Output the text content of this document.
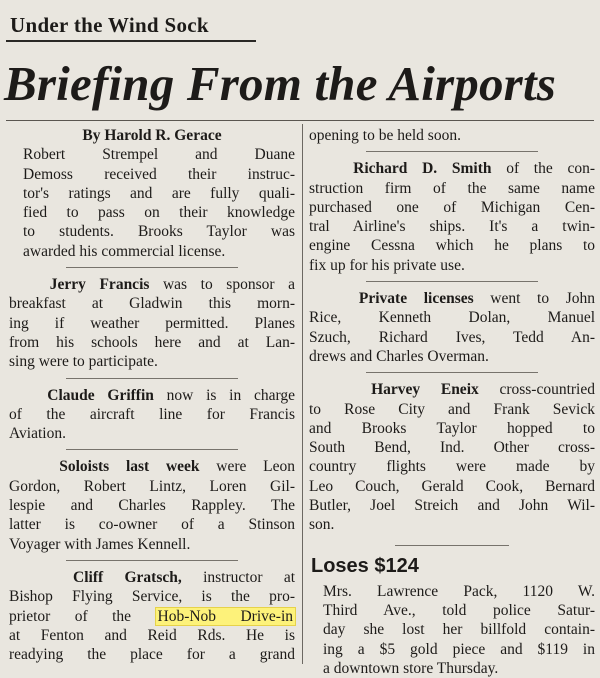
Under the Wind Sock
Briefing From the Airports

By Harold R. Gerace

Robert Strempel and Duane
Demoss received their instruc-
tor's ratings and are fully quali-
fied to pass on their knowledge
to students. Brooks Taylor was
awarded his commercial license.

Jerry Francis was to sponsor a
breakfast at Gladwin this morn-
ing if weather permitted. Planes
from his schools here and at Lan-
sing were to participate.

Claude Griffin now is in charge
of the aircraft line for Francis
Aviation.

Soloists last week were Leon
Gordon, Robert Lintz, Loren Gil-
lespie and Charles Rappley. The
latter is co-owner of a Stinson
Voyager with James Kennell.

Cliff Gratsch, instructor at
Bishop Flying Service, is the pro-
prietor of the Hob-Nob Drive-in
at Fenton and Reid Rds. He is
readying the place for a grand

opening to be held soon.

Richard D. Smith of the con-
struction firm of the same name
purchased one of Michigan Cen-
tral Airline's ships. It's a twin-
engine Cessna which he plans to
fix up for his private use.

Private licenses went to John
Rice, Kenneth Dolan, Manuel
Szuch, Richard Ives, Tedd An-
drews and Charles Overman.

Harvey Eneix cross-countried
to Rose City and Frank Sevick
and Brooks Taylor hopped to
South Bend, Ind. Other cross-
country flights were made by
Leo Couch, Gerald Cook, Bernard
Butler, Joel Streich and John Wil-
son.

Loses $124

Mrs. Lawrence Pack, 1120 W.
Third Ave., told police Satur-
day she lost her billfold contain-
ing a $5 gold piece and $119 in
a downtown store Thursday.
